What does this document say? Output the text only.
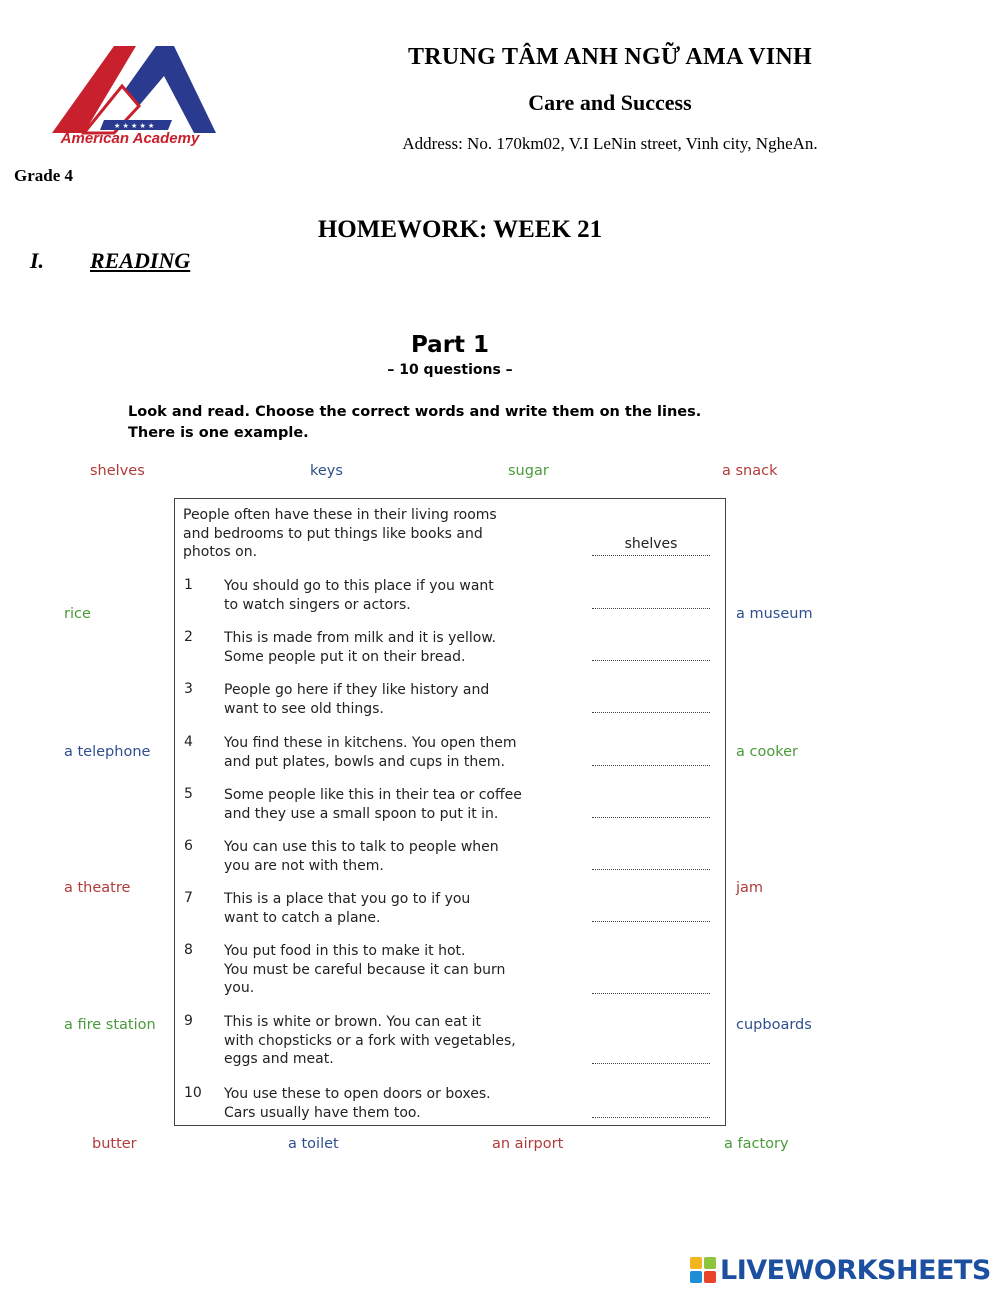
★ ★ ★ ★ ★
American Academy
TRUNG TÂM ANH NGỮ AMA VINH
Care and Success
Address: No. 170km02, V.I LeNin street, Vinh city, NgheAn.
Grade 4
HOMEWORK: WEEK 21
I. READING
Part 1
– 10 questions –
Look and read. Choose the correct words and write them on the lines.
There is one example.
shelves	keys	sugar	a snack
rice	a museum
a telephone	a cooker
a theatre	jam
a fire station	cupboards
butter	a toilet	an airport	a factory
People often have these in their living rooms
and bedrooms to put things like books and
photos on.	shelves
1 You should go to this place if you want
to watch singers or actors.
2 This is made from milk and it is yellow.
Some people put it on their bread.
3 People go here if they like history and
want to see old things.
4 You find these in kitchens. You open them
and put plates, bowls and cups in them.
5 Some people like this in their tea or coffee
and they use a small spoon to put it in.
6 You can use this to talk to people when
you are not with them.
7 This is a place that you go to if you
want to catch a plane.
8 You put food in this to make it hot.
You must be careful because it can burn
you.
9 This is white or brown. You can eat it
with chopsticks or a fork with vegetables,
eggs and meat.
10 You use these to open doors or boxes.
Cars usually have them too.
LIVEWORKSHEETS
